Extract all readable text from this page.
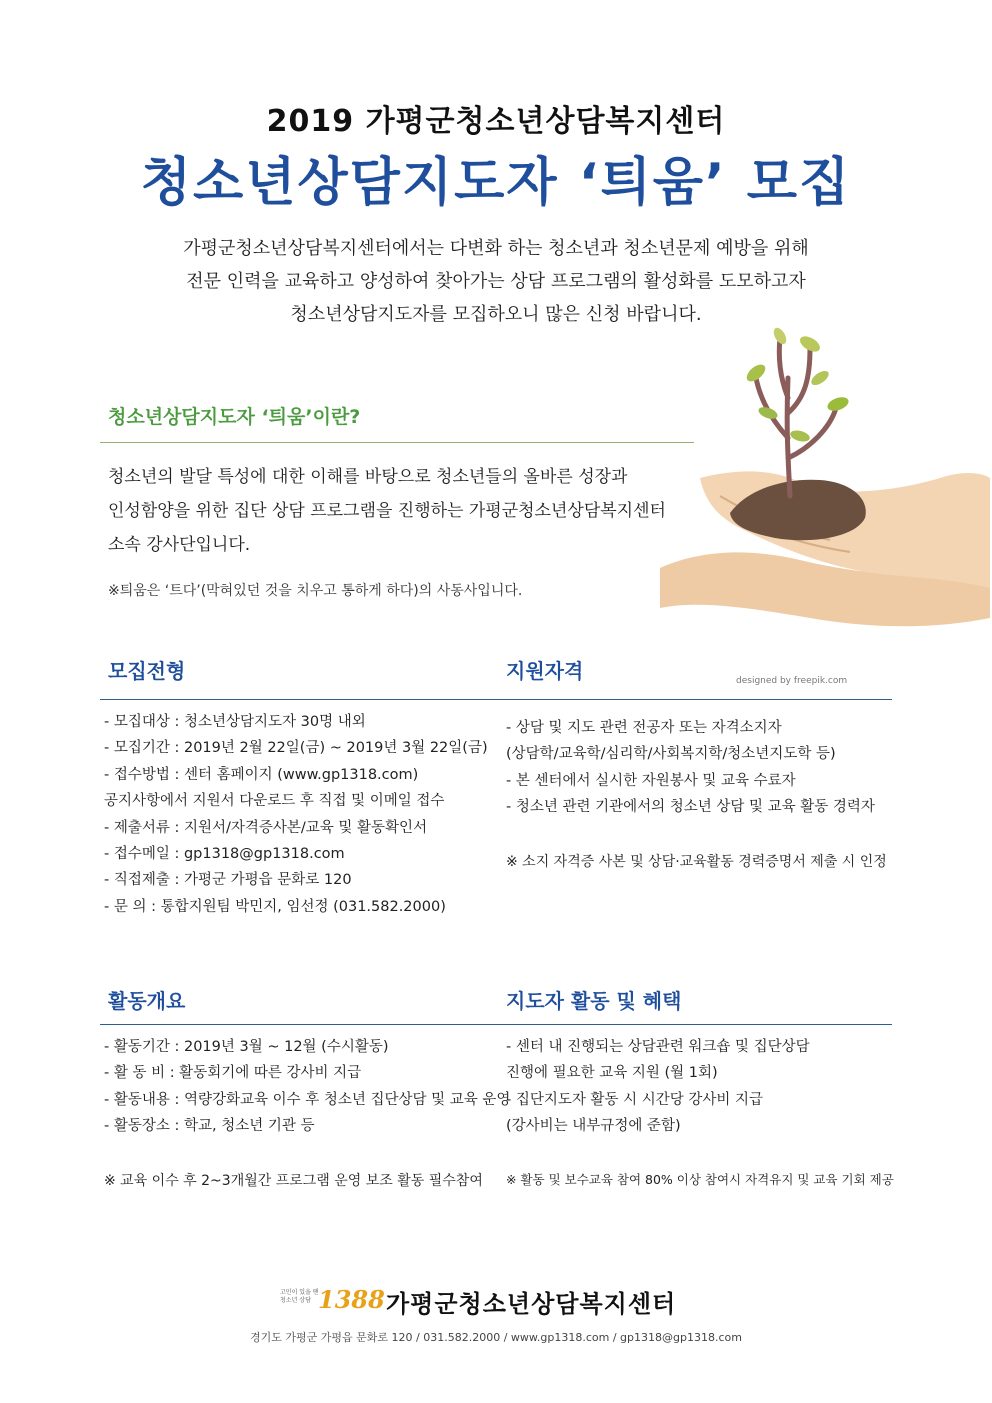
2019 가평군청소년상담복지센터
청소년상담지도자 ‘틔움’ 모집
가평군청소년상담복지센터에서는 다변화 하는 청소년과 청소년문제 예방을 위해
전문 인력을 교육하고 양성하여 찾아가는 상담 프로그램의 활성화를 도모하고자
청소년상담지도자를 모집하오니 많은 신청 바랍니다.
designed by freepik.com
청소년상담지도자 ‘틔움’이란?
청소년의 발달 특성에 대한 이해를 바탕으로 청소년들의 올바른 성장과
인성함양을 위한 집단 상담 프로그램을 진행하는 가평군청소년상담복지센터
소속 강사단입니다.
※틔움은 ‘트다’(막혀있던 것을 치우고 통하게 하다)의 사동사입니다.
모집전형
- 모집대상 : 청소년상담지도자 30명 내외
- 모집기간 : 2019년 2월 22일(금) ~ 2019년 3월 22일(금)
- 접수방법 : 센터 홈페이지 (www.gp1318.com)
공지사항에서 지원서 다운로드 후 직접 및 이메일 접수
- 제출서류 : 지원서/자격증사본/교육 및 활동확인서
- 접수메일 : gp1318@gp1318.com
- 직접제출 : 가평군 가평읍 문화로 120
- 문 의 : 통합지원팀 박민지, 임선정 (031.582.2000)
지원자격
- 상담 및 지도 관련 전공자 또는 자격소지자
(상담학/교육학/심리학/사회복지학/청소년지도학 등)
- 본 센터에서 실시한 자원봉사 및 교육 수료자
- 청소년 관련 기관에서의 청소년 상담 및 교육 활동 경력자
※ 소지 자격증 사본 및 상담·교육활동 경력증명서 제출 시 인정
활동개요
- 활동기간 : 2019년 3월 ~ 12월 (수시활동)
- 활 동 비 : 활동회기에 따른 강사비 지급
- 활동내용 : 역량강화교육 이수 후 청소년 집단상담 및 교육 운영
- 활동장소 : 학교, 청소년 기관 등
※ 교육 이수 후 2~3개월간 프로그램 운영 보조 활동 필수참여
지도자 활동 및 혜택
- 센터 내 진행되는 상담관련 워크숍 및 집단상담
진행에 필요한 교육 지원 (월 1회)
- 집단지도자 활동 시 시간당 강사비 지급
(강사비는 내부규정에 준함)
※ 활동 및 보수교육 참여 80% 이상 참여시 자격유지 및 교육 기회 제공
고민이 있을 땐
청소년 상담 1388 가평군청소년상담복지센터
경기도 가평군 가평읍 문화로 120 / 031.582.2000 / www.gp1318.com / gp1318@gp1318.com
